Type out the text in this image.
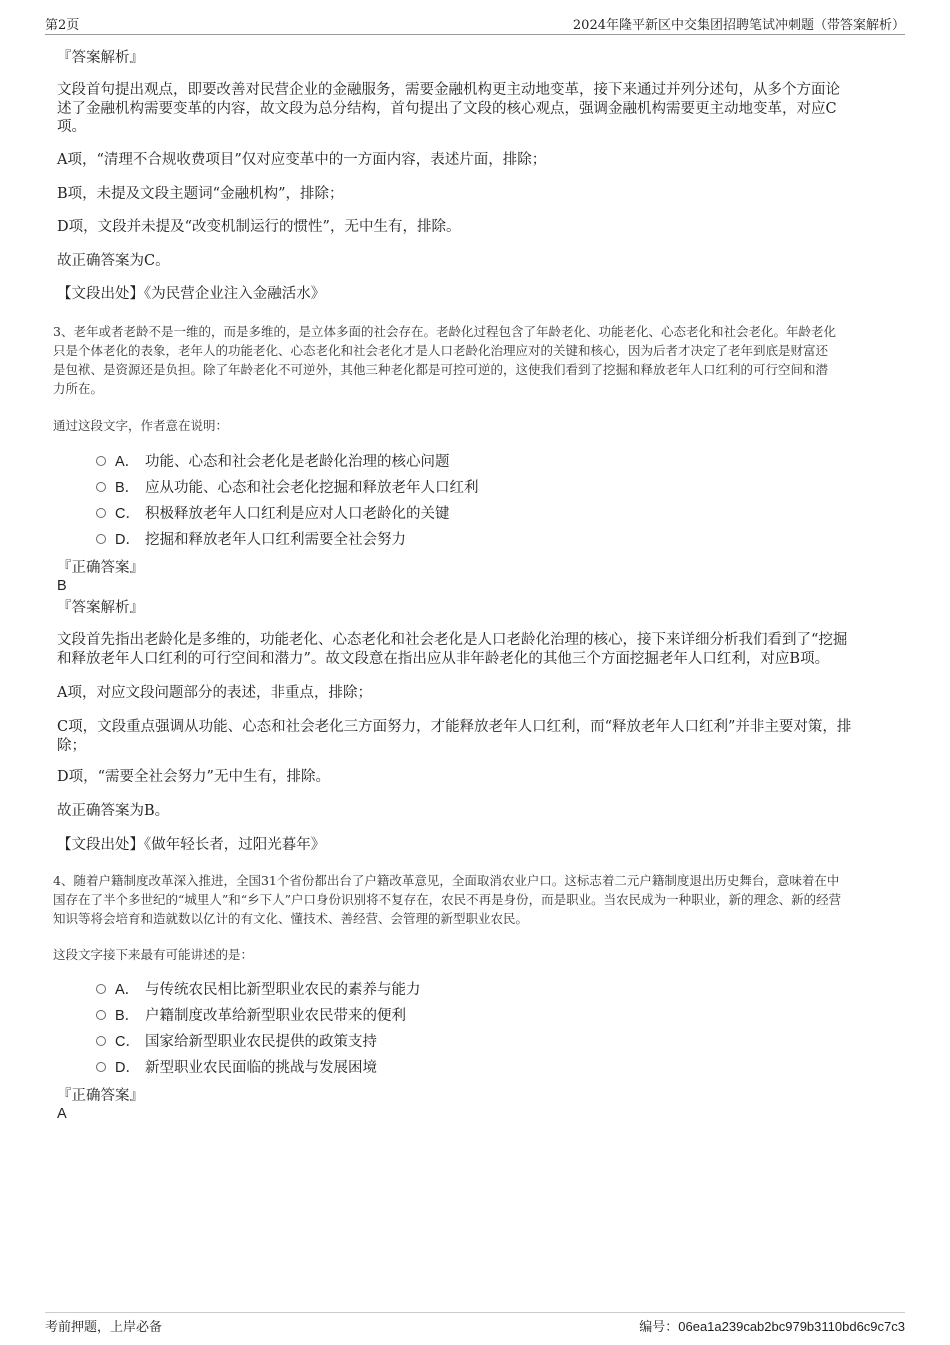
第2页	2024年隆平新区中交集团招聘笔试冲刺题（带答案解析）
『答案解析』
文段首句提出观点，即要改善对民营企业的金融服务，需要金融机构更主动地变革，接下来通过并列分述句，从多个方面论
述了金融机构需要变革的内容，故文段为总分结构，首句提出了文段的核心观点，强调金融机构需要更主动地变革，对应C
项。
A项，“清理不合规收费项目”仅对应变革中的一方面内容，表述片面，排除；
B项，未提及文段主题词“金融机构”，排除；
D项，文段并未提及“改变机制运行的惯性”，无中生有，排除。
故正确答案为C。
【文段出处】《为民营企业注入金融活水》
3、老年或者老龄不是一维的，而是多维的，是立体多面的社会存在。老龄化过程包含了年龄老化、功能老化、心态老化和社会老化。年龄老化
只是个体老化的表象，老年人的功能老化、心态老化和社会老化才是人口老龄化治理应对的关键和核心，因为后者才决定了老年到底是财富还
是包袱、是资源还是负担。除了年龄老化不可逆外，其他三种老化都是可控可逆的，这使我们看到了挖掘和释放老年人口红利的可行空间和潜
力所在。
通过这段文字，作者意在说明：
A． 功能、心态和社会老化是老龄化治理的核心问题
B． 应从功能、心态和社会老化挖掘和释放老年人口红利
C． 积极释放老年人口红利是应对人口老龄化的关键
D． 挖掘和释放老年人口红利需要全社会努力
『正确答案』
B
『答案解析』
文段首先指出老龄化是多维的，功能老化、心态老化和社会老化是人口老龄化治理的核心，接下来详细分析我们看到了“挖掘
和释放老年人口红利的可行空间和潜力”。故文段意在指出应从非年龄老化的其他三个方面挖掘老年人口红利，对应B项。
A项，对应文段问题部分的表述，非重点，排除；
C项，文段重点强调从功能、心态和社会老化三方面努力，才能释放老年人口红利，而“释放老年人口红利”并非主要对策，排
除；
D项，“需要全社会努力”无中生有，排除。
故正确答案为B。
【文段出处】《做年轻长者，过阳光暮年》
4、随着户籍制度改革深入推进，全国31个省份都出台了户籍改革意见，全面取消农业户口。这标志着二元户籍制度退出历史舞台，意味着在中
国存在了半个多世纪的“城里人”和“乡下人”户口身份识别将不复存在，农民不再是身份，而是职业。当农民成为一种职业，新的理念、新的经营
知识等将会培育和造就数以亿计的有文化、懂技术、善经营、会管理的新型职业农民。
这段文字接下来最有可能讲述的是：
A． 与传统农民相比新型职业农民的素养与能力
B． 户籍制度改革给新型职业农民带来的便利
C． 国家给新型职业农民提供的政策支持
D． 新型职业农民面临的挑战与发展困境
『正确答案』
A
考前押题，上岸必备	编号：06ea1a239cab2bc979b3110bd6c9c7c3
